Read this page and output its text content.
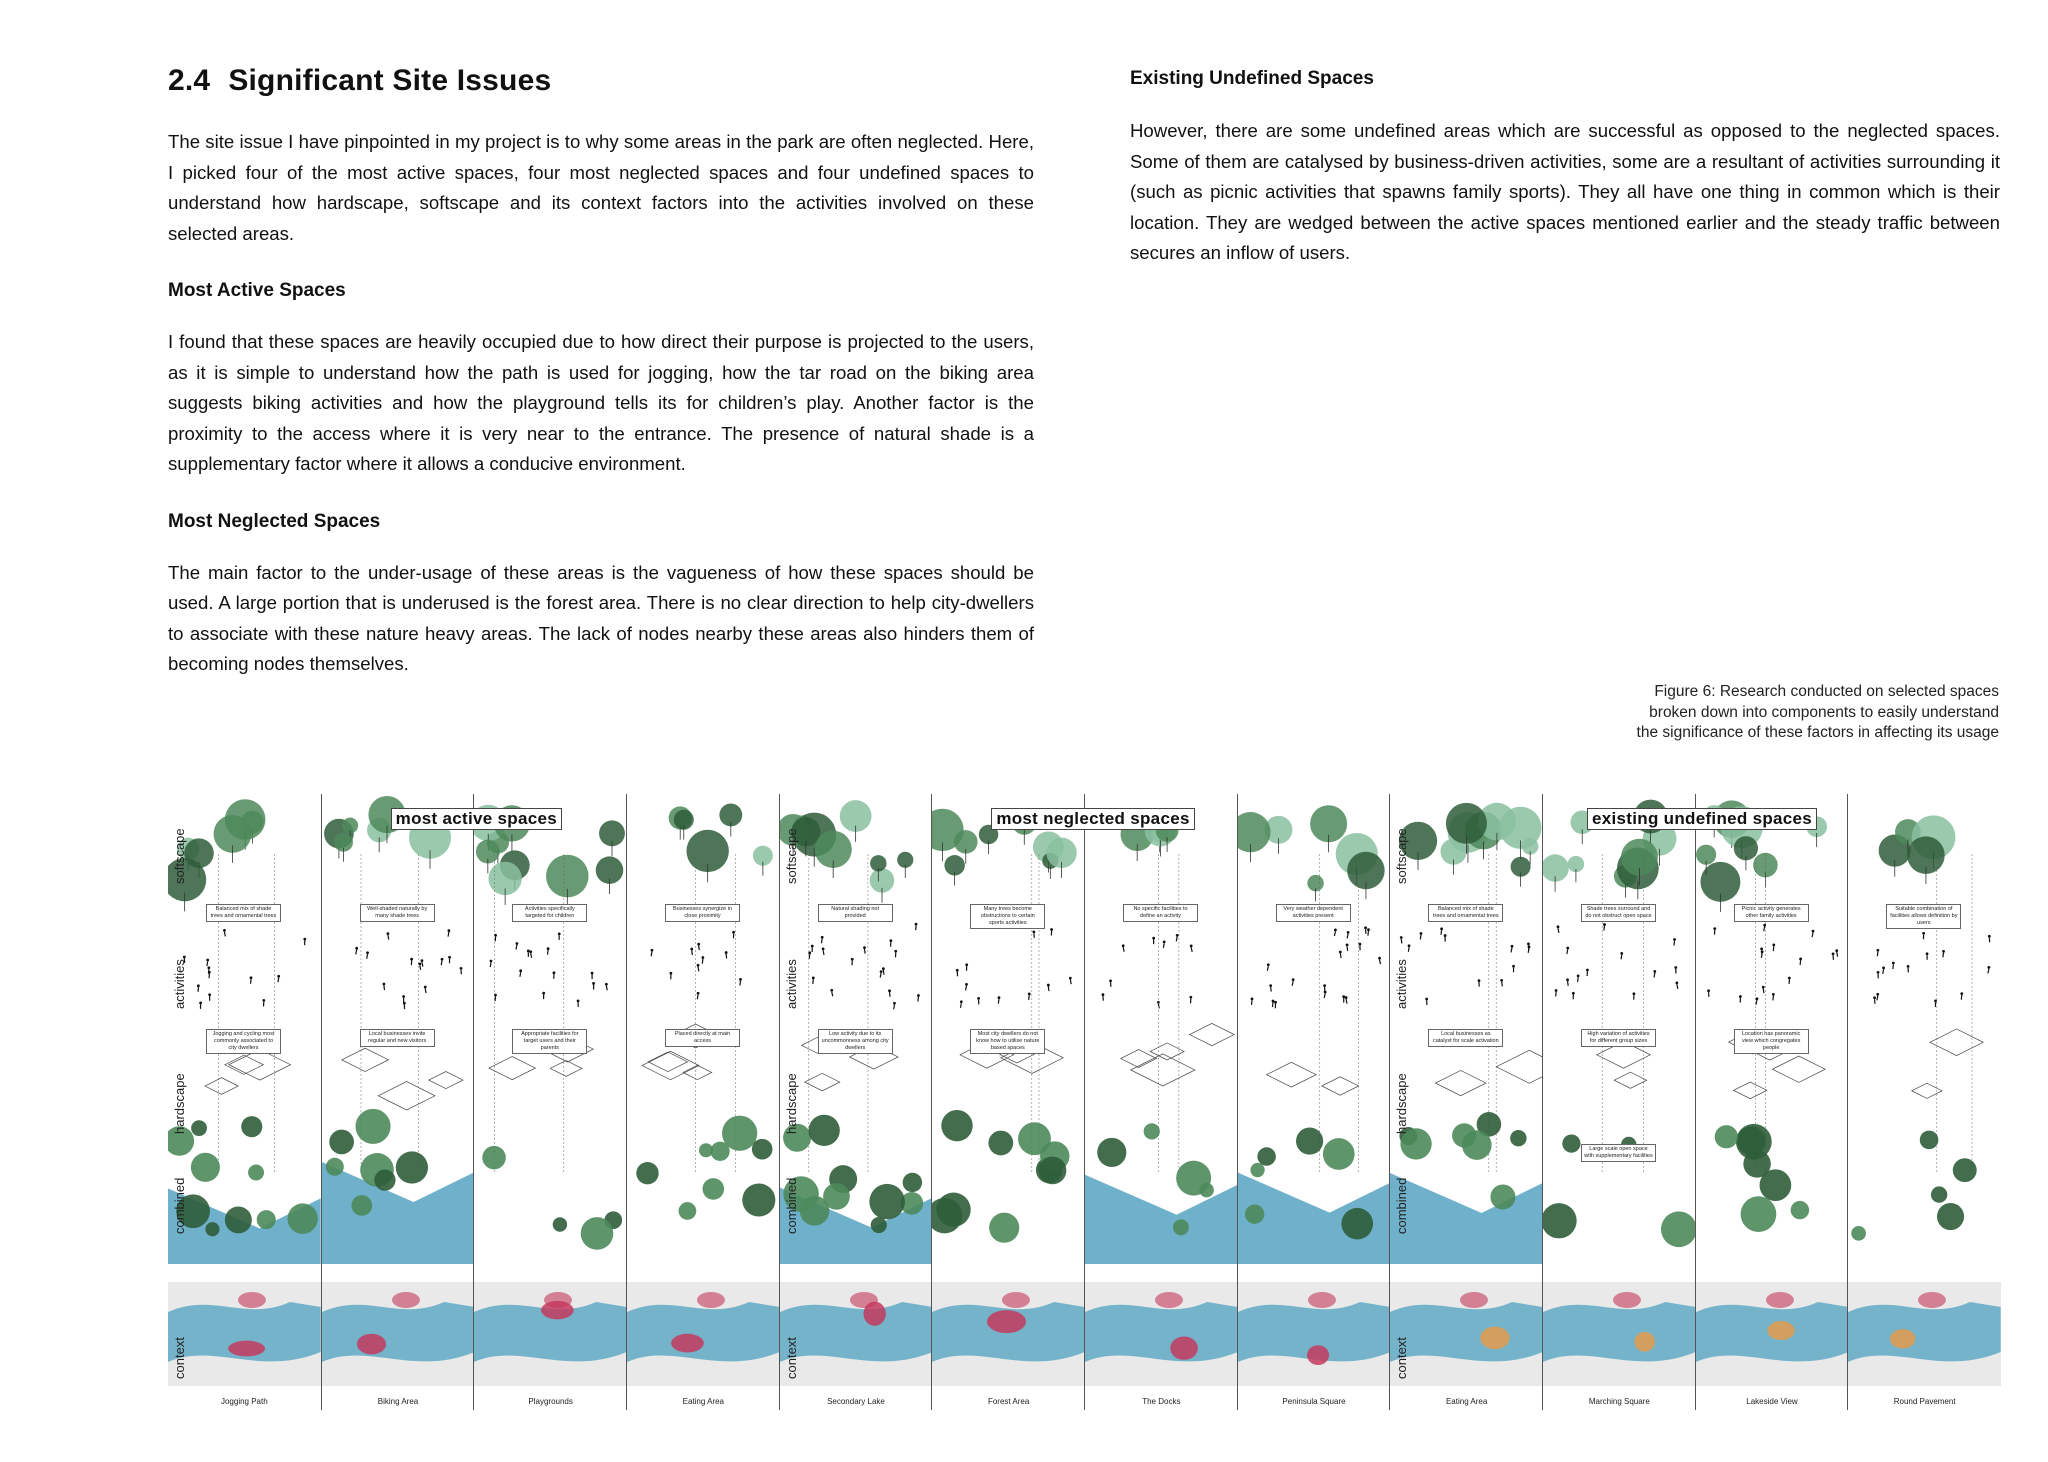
2.4 Significant Site Issues

The site issue I have pinpointed in my project is to why some areas in the park are often neglected. Here, I picked four of the most active spaces, four most neglected spaces and four undefined spaces to understand how hardscape, softscape and its context factors into the activities involved on these selected areas.

Most Active Spaces

I found that these spaces are heavily occupied due to how direct their purpose is projected to the users, as it is simple to understand how the path is used for jogging, how the tar road on the biking area suggests biking activities and how the playground tells its for children’s play. Another factor is the proximity to the access where it is very near to the entrance. The presence of natural shade is a supplementary factor where it allows a conducive environment.

Most Neglected Spaces

The main factor to the under-usage of these areas is the vagueness of how these spaces should be used. A large portion that is underused is the forest area. There is no clear direction to help city-dwellers to associate with these nature heavy areas. The lack of nodes nearby these areas also hinders them of becoming nodes themselves.

Existing Undefined Spaces

However, there are some undefined areas which are successful as opposed to the neglected spaces. Some of them are catalysed by business-driven activities, some are a resultant of activities surrounding it (such as picnic activities that spawns family sports). They all have one thing in common which is their location. They are wedged between the active spaces mentioned earlier and the steady traffic between secures an inflow of users.

Figure 6: Research conducted on selected spaces
broken down into components to easily understand
the significance of these factors in affecting its usage
Balanced mix of shade trees and ornamental trees
Jogging and cycling most commonly associated to city dwellers
Jogging Path
softscape
activities
hardscape
combined
context
Well-shaded naturally by many shade trees
Local businesses invite regular and new visitors
Biking Area
Activities specifically targeted for children
Appropriate facilities for target users and their parents
Playgrounds
Businesses synergize in close proximity
Placed directly at main access
Eating Area
Natural shading not provided
Low activity due to its uncommonness among city dwellers
Secondary Lake
softscape
activities
hardscape
combined
context
Many trees become obstructions to certain sports activities
Most city dwellers do not know how to utilise nature based spaces
Forest Area
No specific facilities to define an activity
The Docks
Very weather dependent activities present
Peninsula Square
Balanced mix of shade trees and ornamental trees
Local businesses as catalyst for scale activation
Eating Area
softscape
activities
hardscape
combined
context
Shade trees surround and do not obstruct open space
High variation of activities for different group sizes
Large scale open space with supplementary facilities
Marching Square
Picnic activity generates other family activities
Location has panoramic view which congregates people
Lakeside View
Suitable combination of facilities allows definition by users
Round Pavement
most active spaces	most neglected spaces	existing undefined spaces
